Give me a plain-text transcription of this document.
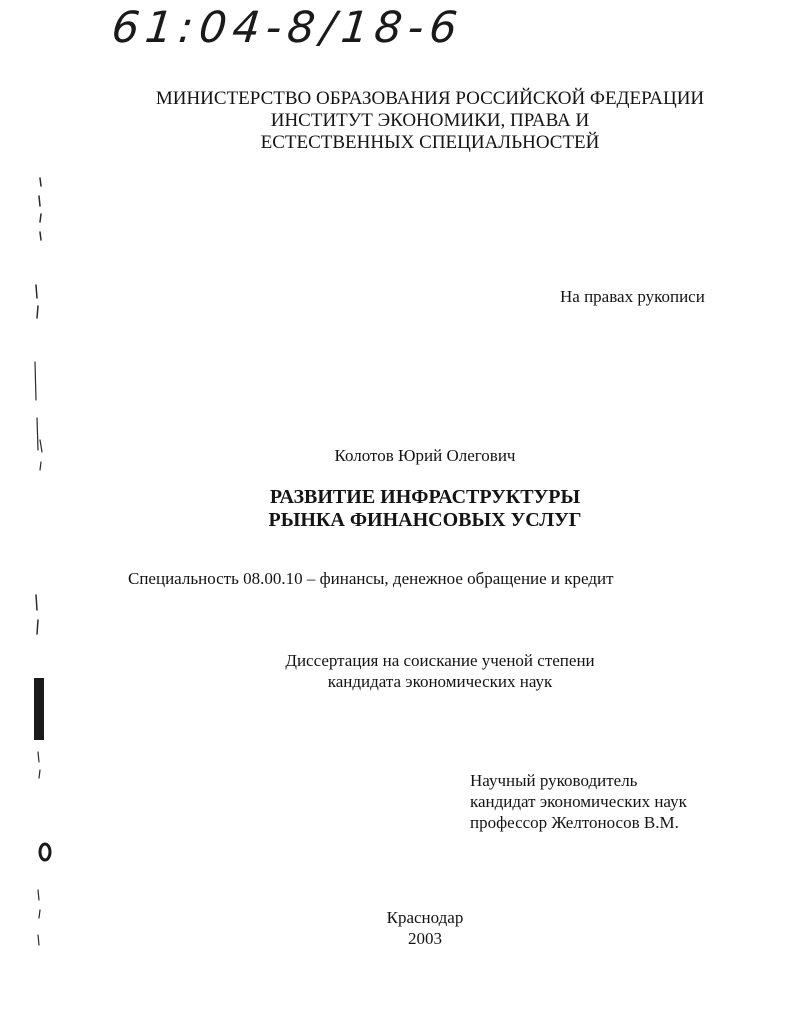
61:04-8/18-6
МИНИСТЕРСТВО ОБРАЗОВАНИЯ РОССИЙСКОЙ ФЕДЕРАЦИИ
ИНСТИТУТ ЭКОНОМИКИ, ПРАВА И
ЕСТЕСТВЕННЫХ СПЕЦИАЛЬНОСТЕЙ
На правах рукописи
Колотов Юрий Олегович
РАЗВИТИЕ ИНФРАСТРУКТУРЫ
РЫНКА ФИНАНСОВЫХ УСЛУГ
Специальность 08.00.10 – финансы, денежное обращение и кредит
Диссертация на соискание ученой степени
кандидата экономических наук
Научный руководитель
кандидат экономических наук
профессор Желтоносов В.М.
Краснодар
2003
